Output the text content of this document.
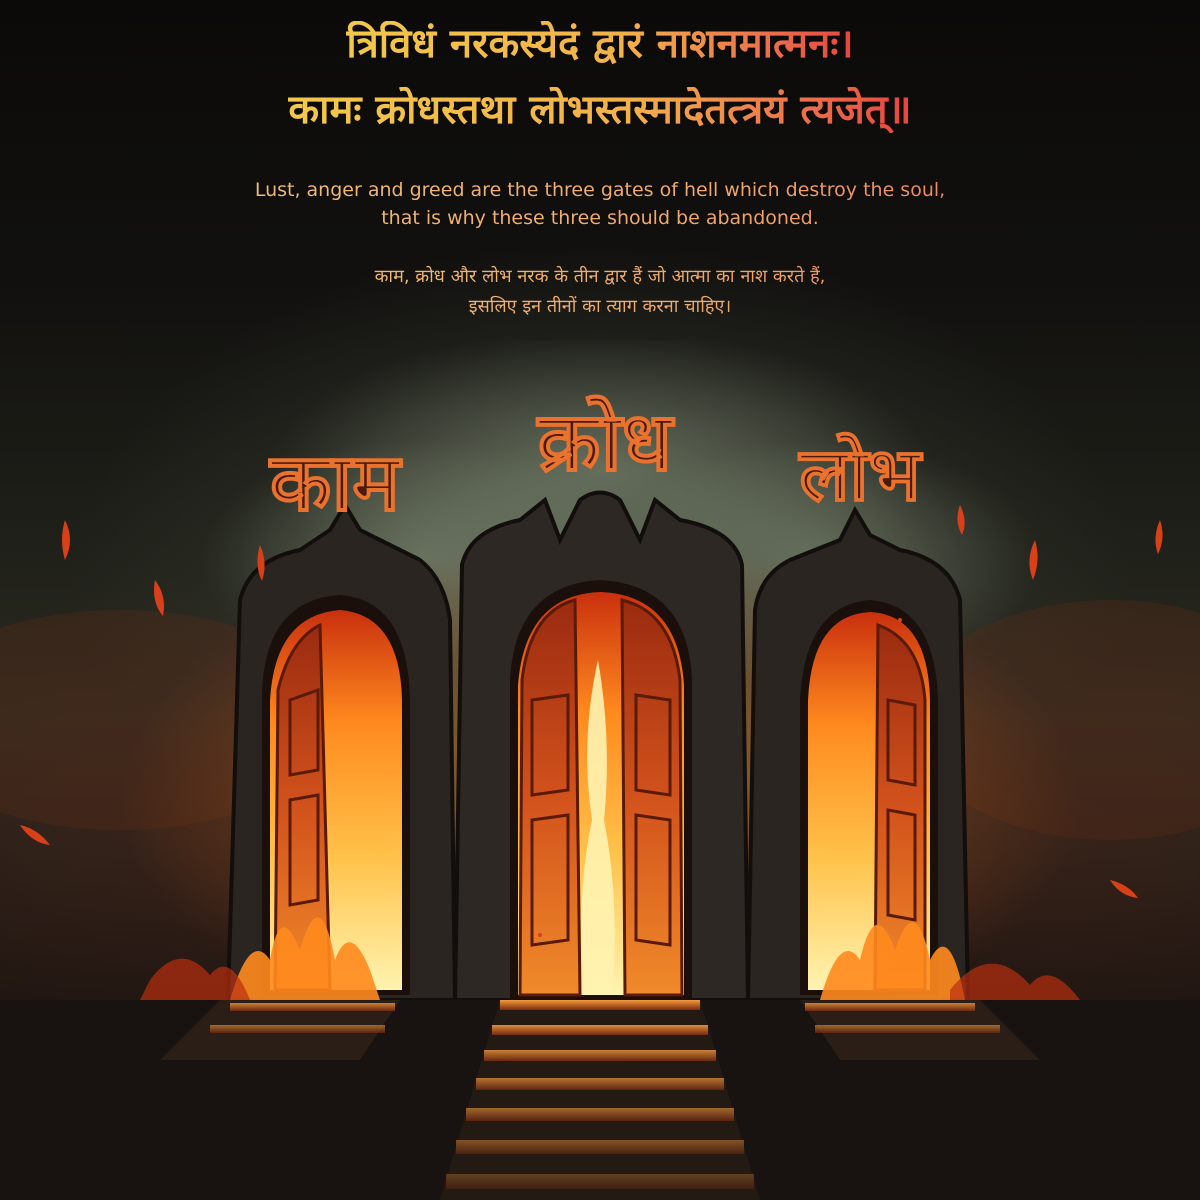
त्रिविधं नरकस्येदं द्वारं नाशनमात्मनः।
कामः क्रोधस्तथा लोभस्तस्मादेतत्त्रयं त्यजेत्॥
Lust, anger and greed are the three gates of hell which destroy the soul,
that is why these three should be abandoned.
काम, क्रोध और लोभ नरक के तीन द्वार हैं जो आत्मा का नाश करते हैं,
इसलिए इन तीनों का त्याग करना चाहिए।
काम क्रोध लोभ
